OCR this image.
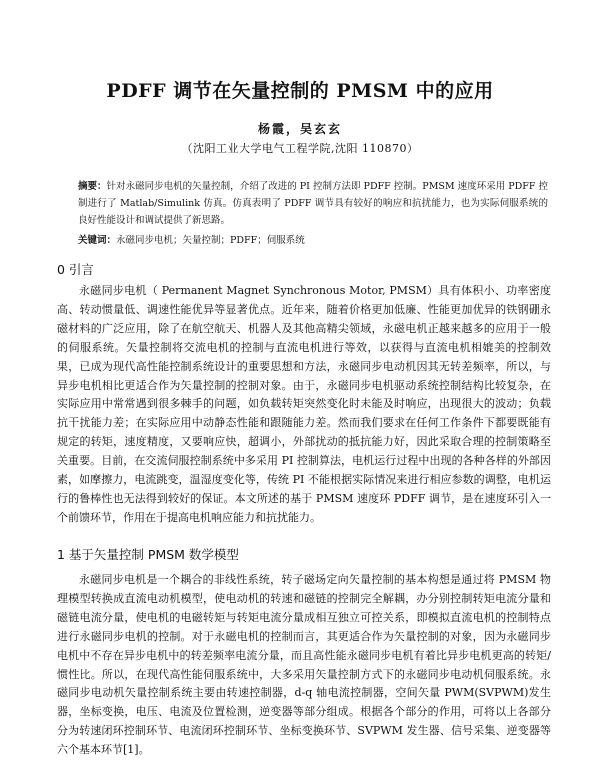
PDFF 调节在矢量控制的 PMSM 中的应用
杨霞，吴玄玄
（沈阳工业大学电气工程学院,沈阳 110870）
摘要：针对永磁同步电机的矢量控制，介绍了改进的 PI 控制方法即 PDFF 控制。PMSM 速度环采用 PDFF 控制进行了 Matlab/Simulink 仿真。仿真表明了 PDFF 调节具有较好的响应和抗扰能力，也为实际伺服系统的良好性能设计和调试提供了新思路。
关键词：永磁同步电机；矢量控制；PDFF；伺服系统
0 引言

永磁同步电机（ Permanent Magnet Synchronous Motor, PMSM）具有体积小、功率密度高、转动惯量低、调速性能优异等显著优点。近年来，随着价格更加低廉、性能更加优异的铁钢硼永磁材料的广泛应用，除了在航空航天、机器人及其他高精尖领域，永磁电机正越来越多的应用于一般的伺服系统。矢量控制将交流电机的控制与直流电机进行等效，以获得与直流电机相媲美的控制效果，已成为现代高性能控制系统设计的重要思想和方法，永磁同步电动机因其无转差频率，所以，与异步电机相比更适合作为矢量控制的控制对象。由于，永磁同步电机驱动系统控制结构比较复杂，在实际应用中常常遇到很多棘手的问题，如负载转矩突然变化时未能及时响应，出现很大的波动；负载抗干扰能力差；在实际应用中动静态性能和跟随能力差。然而我们要求在任何工作条件下都要既能有规定的转矩，速度精度，又要响应快，超调小，外部扰动的抵抗能力好，因此采取合理的控制策略至关重要。目前，在交流伺服控制系统中多采用 PI 控制算法，电机运行过程中出现的各种各样的外部因素，如摩擦力，电流跳变，温湿度变化等，传统 PI 不能根据实际情况来进行相应参数的调整，电机运行的鲁棒性也无法得到较好的保证。本文所述的基于 PMSM 速度环 PDFF 调节，是在速度环引入一个前馈环节，作用在于提高电机响应能力和抗扰能力。

1 基于矢量控制 PMSM 数学模型

永磁同步电机是一个耦合的非线性系统，转子磁场定向矢量控制的基本构想是通过将 PMSM 物理模型转换成直流电动机模型，使电动机的转速和磁链的控制完全解耦，办分别控制转矩电流分量和磁链电流分量，使电机的电磁转矩与转矩电流分量成相互独立可控关系，即模拟直流电机的控制特点进行永磁同步电机的控制。对于永磁电机的控制而言，其更适合作为矢量控制的对象，因为永磁同步电机中不存在异步电机中的转差频率电流分量，而且高性能永磁同步电机有着比异步电机更高的转矩/惯性比。所以，在现代高性能伺服系统中，大多采用矢量控制方式下的永磁同步电动机伺服系统。永磁同步电动机矢量控制系统主要由转速控制器，d-q 轴电流控制器，空间矢量 PWM(SVPWM)发生器，坐标变换，电压、电流及位置检测，逆变器等部分组成。根据各个部分的作用，可将以上各部分分为转速闭环控制环节、电流闭环控制环节、坐标变换环节、SVPWM 发生器、信号采集、逆变器等六个基本环节[1]。
